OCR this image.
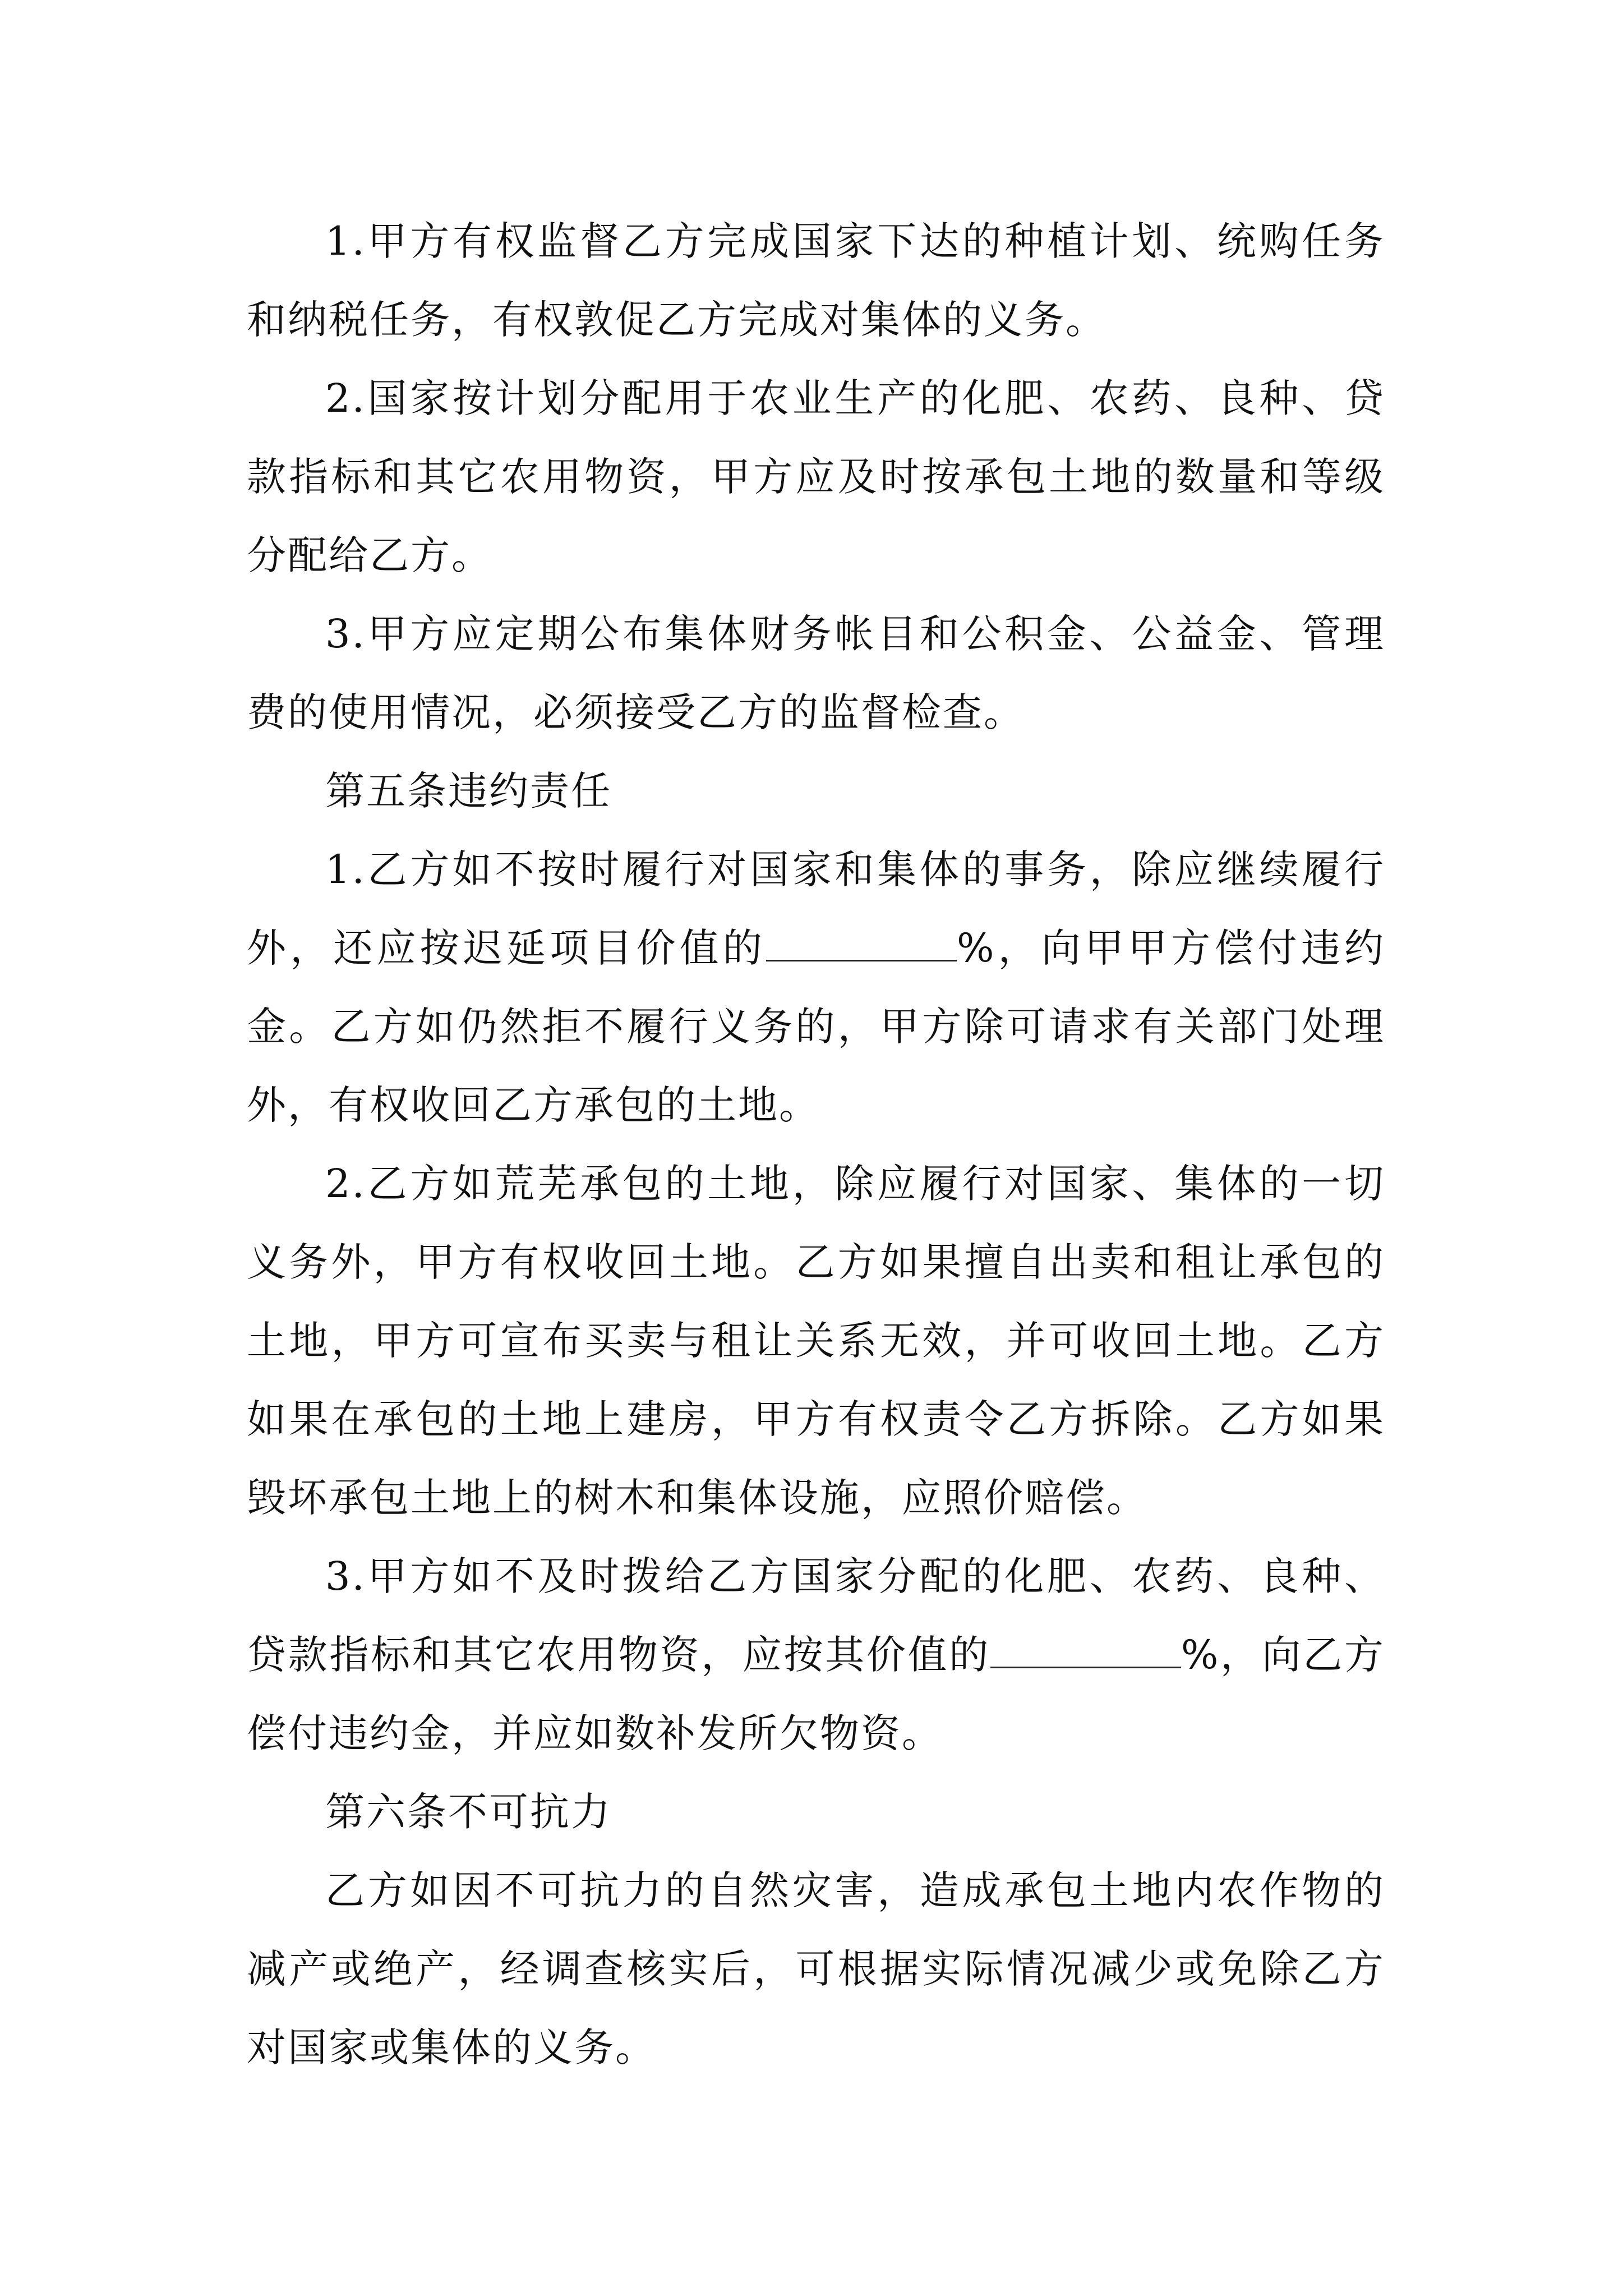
1.甲方有权监督乙方完成国家下达的种植计划、统购任务和纳税任务，有权敦促乙方完成对集体的义务。

2.国家按计划分配用于农业生产的化肥、农药、良种、贷款指标和其它农用物资，甲方应及时按承包土地的数量和等级分配给乙方。

3.甲方应定期公布集体财务帐目和公积金、公益金、管理费的使用情况，必须接受乙方的监督检查。

第五条违约责任

1.乙方如不按时履行对国家和集体的事务，除应继续履行外，还应按迟延项目价值的	%，向甲甲方偿付违约金。乙方如仍然拒不履行义务的，甲方除可请求有关部门处理外，有权收回乙方承包的土地。

2.乙方如荒芜承包的土地，除应履行对国家、集体的一切义务外，甲方有权收回土地。乙方如果擅自出卖和租让承包的土地，甲方可宣布买卖与租让关系无效，并可收回土地。乙方如果在承包的土地上建房，甲方有权责令乙方拆除。乙方如果毁坏承包土地上的树木和集体设施，应照价赔偿。

3.甲方如不及时拨给乙方国家分配的化肥、农药、良种、贷款指标和其它农用物资，应按其价值的	%，向乙方偿付违约金，并应如数补发所欠物资。

第六条不可抗力

乙方如因不可抗力的自然灾害，造成承包土地内农作物的减产或绝产，经调查核实后，可根据实际情况减少或免除乙方对国家或集体的义务。
